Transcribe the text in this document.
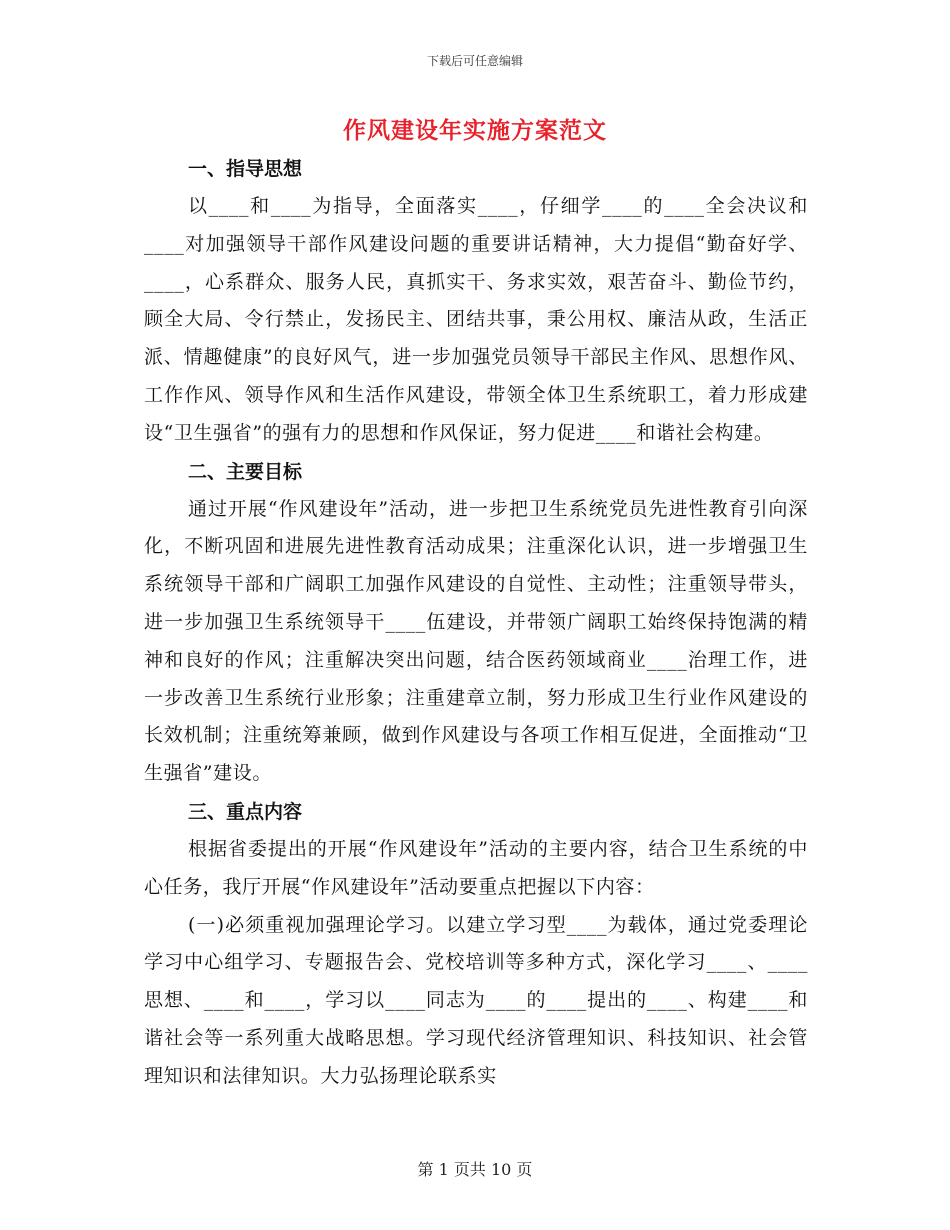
下载后可任意编辑
作风建设年实施方案范文
一、指导思想

以____和____为指导，全面落实____，仔细学____的____全会决议和____对加强领导干部作风建设问题的重要讲话精神，大力提倡“勤奋好学、____，心系群众、服务人民，真抓实干、务求实效，艰苦奋斗、勤俭节约，顾全大局、令行禁止，发扬民主、团结共事，秉公用权、廉洁从政，生活正派、情趣健康”的良好风气，进一步加强党员领导干部民主作风、思想作风、工作作风、领导作风和生活作风建设，带领全体卫生系统职工，着力形成建设“卫生强省”的强有力的思想和作风保证，努力促进____和谐社会构建。

二、主要目标

通过开展“作风建设年”活动，进一步把卫生系统党员先进性教育引向深化，不断巩固和进展先进性教育活动成果；注重深化认识，进一步增强卫生系统领导干部和广阔职工加强作风建设的自觉性、主动性；注重领导带头，进一步加强卫生系统领导干____伍建设，并带领广阔职工始终保持饱满的精神和良好的作风；注重解决突出问题，结合医药领域商业____治理工作，进一步改善卫生系统行业形象；注重建章立制，努力形成卫生行业作风建设的长效机制；注重统筹兼顾，做到作风建设与各项工作相互促进，全面推动“卫生强省”建设。

三、重点内容

根据省委提出的开展“作风建设年”活动的主要内容，结合卫生系统的中心任务，我厅开展“作风建设年”活动要重点把握以下内容：

(一)必须重视加强理论学习。以建立学习型____为载体，通过党委理论学习中心组学习、专题报告会、党校培训等多种方式，深化学习____、____思想、____和____，学习以____同志为____的____提出的____、构建____和谐社会等一系列重大战略思想。学习现代经济管理知识、科技知识、社会管理知识和法律知识。大力弘扬理论联系实

第 1 页共 10 页
